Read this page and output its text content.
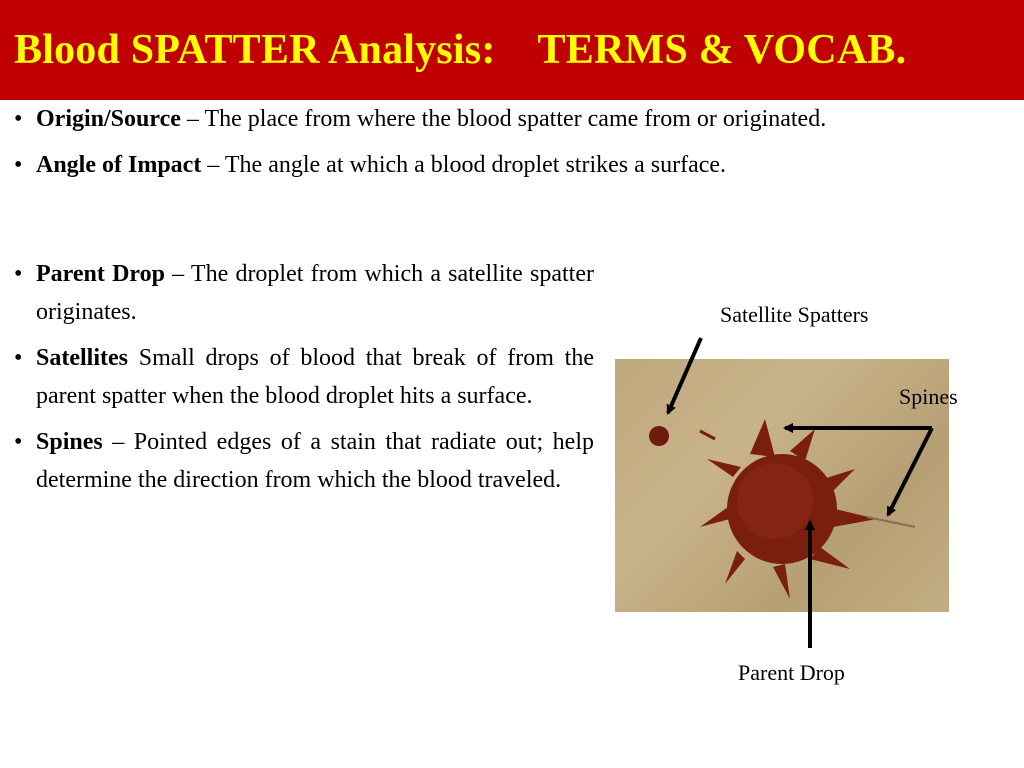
Blood SPATTER Analysis:    TERMS & VOCAB.
• Origin/Source – The place from where the blood spatter came from or originated.
• Angle of Impact – The angle at which a blood droplet strikes a surface.
• Parent Drop – The droplet from which a satellite spatter originates.
• Satellites Small drops of blood that break of from the parent spatter when the blood droplet hits a surface.
• Spines – Pointed edges of a stain that radiate out; help determine the direction from which the blood traveled.
Satellite Spatters
Spines
Parent Drop
